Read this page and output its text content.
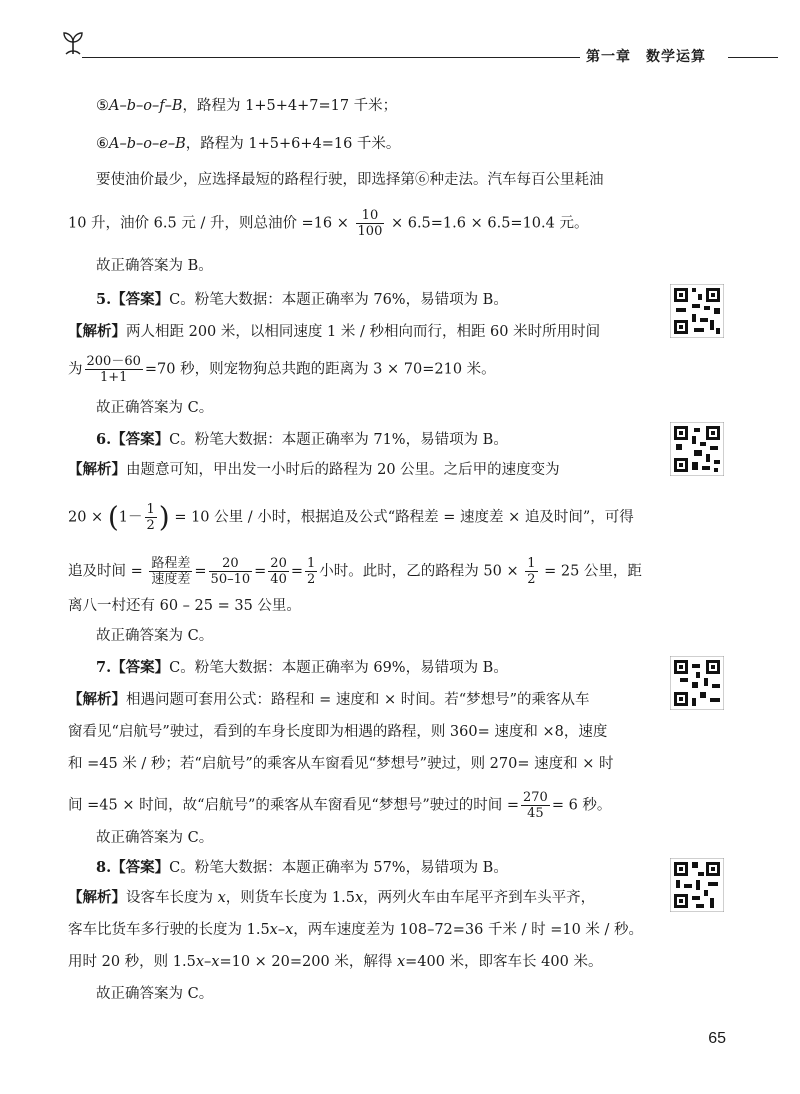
第一章　数学运算
⑤A–b–o–f–B，路程为 1+5+4+7=17 千米；
⑥A–b–o–e–B，路程为 1+5+6+4=16 千米。
要使油价最少，应选择最短的路程行驶，即选择第⑥种走法。汽车每百公里耗油
10 升，油价 6.5 元 / 升，则总油价 $=16 \times \frac{10}{100} \times 6.5=1.6 \times 6.5=10.4$ 元。
故正确答案为 B。
5.【答案】C。粉笔大数据：本题正确率为 76%，易错项为 B。
【解析】两人相距 200 米，以相同速度 1 米 / 秒相向而行，相距 60 米时所用时间
为 $\frac{200-60}{1+1} =70$ 秒，则宠物狗总共跑的距离为 3 × 70=210 米。
故正确答案为 C。
6.【答案】C。粉笔大数据：本题正确率为 71%，易错项为 B。
【解析】由题意可知，甲出发一小时后的路程为 20 公里。之后甲的速度变为
$20 \times (1- \frac{1}{2}$ ) = 10 公里 / 小时，根据追及公式“路程差 = 速度差 × 追及时间”，可得
追及时间 = $\frac{\text{路程差}}{\text{速度差}} = \frac{20}{50-10} = \frac{20}{40} = \frac{1}{2}$ 小时。此时，乙的路程为 $50 \times \frac{1}{2} = 25$ 公里，距
离八一村还有 60 – 25 = 35 公里。
故正确答案为 C。
7.【答案】C。粉笔大数据：本题正确率为 69%，易错项为 B。
【解析】相遇问题可套用公式：路程和 = 速度和 × 时间。若“梦想号”的乘客从车
窗看见“启航号”驶过，看到的车身长度即为相遇的路程，则 360= 速度和 ×8，速度
和 =45 米 / 秒；若“启航号”的乘客从车窗看见“梦想号”驶过，则 270= 速度和 × 时
间 =45 × 时间，故“启航号”的乘客从车窗看见“梦想号”驶过的时间 = $\frac{270}{45} = 6$ 秒。
故正确答案为 C。
8.【答案】C。粉笔大数据：本题正确率为 57%，易错项为 B。
【解析】设客车长度为 x，则货车长度为 1.5x，两列火车由车尾平齐到车头平齐，
客车比货车多行驶的长度为 1.5x–x，两车速度差为 108–72=36 千米 / 时 =10 米 / 秒。
用时 20 秒，则 1.5x–x=10 × 20=200 米，解得 x=400 米，即客车长 400 米。
故正确答案为 C。
65
